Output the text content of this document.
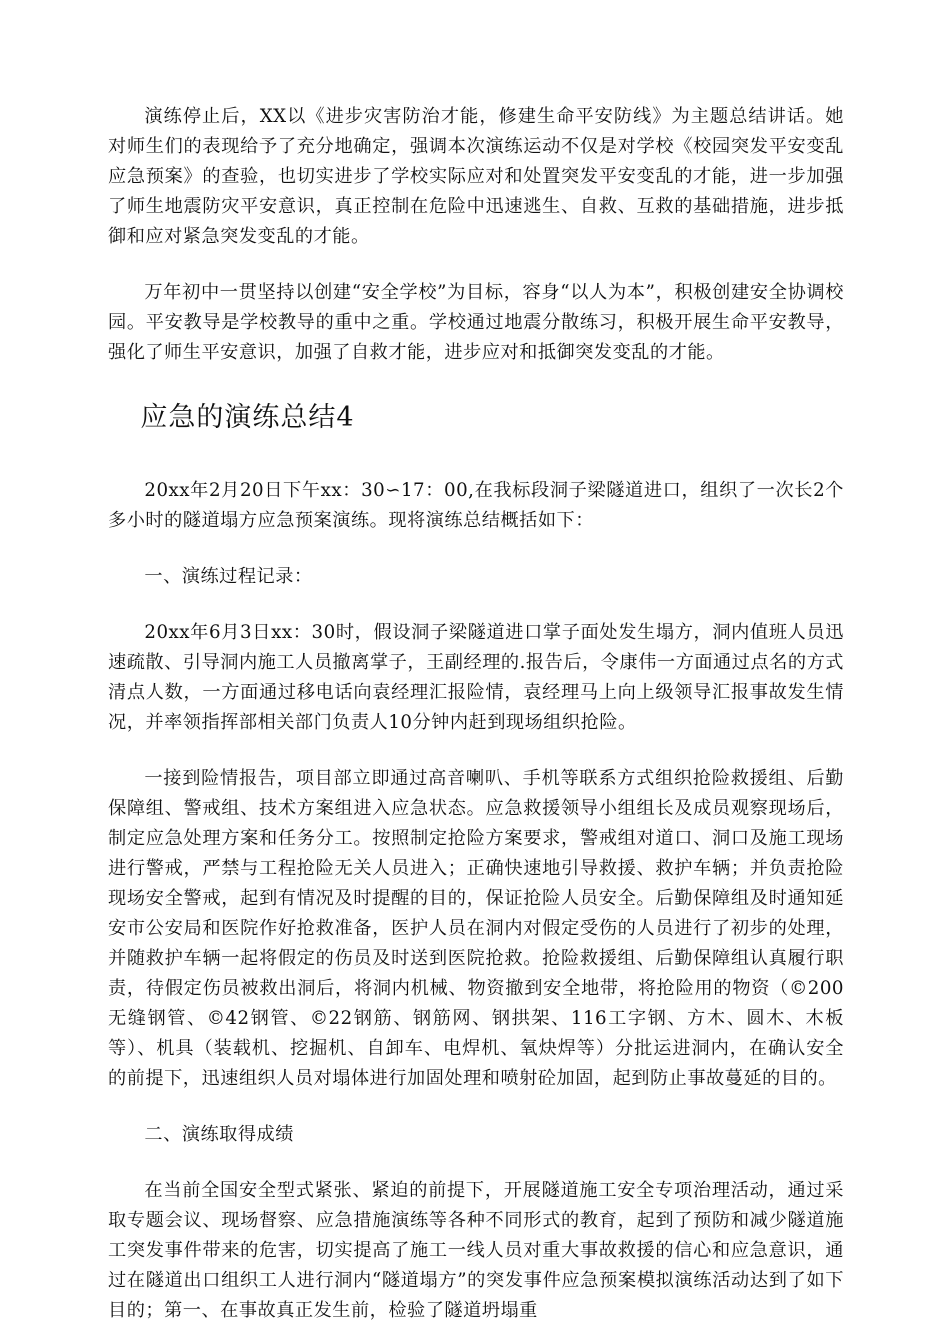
演练停止后，XX以《进步灾害防治才能，修建生命平安防线》为主题总结讲话。她对师生们的表现给予了充分地确定，强调本次演练运动不仅是对学校《校园突发平安变乱应急预案》的查验，也切实进步了学校实际应对和处置突发平安变乱的才能，进一步加强了师生地震防灾平安意识，真正控制在危险中迅速逃生、自救、互救的基础措施，进步抵御和应对紧急突发变乱的才能。

万年初中一贯坚持以创建“安全学校”为目标，容身“以人为本”，积极创建安全协调校园。平安教导是学校教导的重中之重。学校通过地震分散练习，积极开展生命平安教导，强化了师生平安意识，加强了自救才能，进步应对和抵御突发变乱的才能。

应急的演练总结4

20xx年2月20日下午xx：30∽17：00,在我标段洞子梁隧道进口，组织了一次长2个多小时的隧道塌方应急预案演练。现将演练总结概括如下：

一、演练过程记录：

20xx年6月3日xx：30时，假设洞子梁隧道进口掌子面处发生塌方，洞内值班人员迅速疏散、引导洞内施工人员撤离掌子，王副经理的.报告后，令康伟一方面通过点名的方式清点人数，一方面通过移电话向袁经理汇报险情，袁经理马上向上级领导汇报事故发生情况，并率领指挥部相关部门负责人10分钟内赶到现场组织抢险。

一接到险情报告，项目部立即通过高音喇叭、手机等联系方式组织抢险救援组、后勤保障组、警戒组、技术方案组进入应急状态。应急救援领导小组组长及成员观察现场后，制定应急处理方案和任务分工。按照制定抢险方案要求，警戒组对道口、洞口及施工现场进行警戒，严禁与工程抢险无关人员进入；正确快速地引导救援、救护车辆；并负责抢险现场安全警戒，起到有情况及时提醒的目的，保证抢险人员安全。后勤保障组及时通知延安市公安局和医院作好抢救准备，医护人员在洞内对假定受伤的人员进行了初步的处理，并随救护车辆一起将假定的伤员及时送到医院抢救。抢险救援组、后勤保障组认真履行职责，待假定伤员被救出洞后，将洞内机械、物资撤到安全地带，将抢险用的物资（©200无缝钢管、©42钢管、©22钢筋、钢筋网、钢拱架、116工字钢、方木、圆木、木板等）、机具（装载机、挖掘机、自卸车、电焊机、氧炔焊等）分批运进洞内，在确认安全的前提下，迅速组织人员对塌体进行加固处理和喷射砼加固，起到防止事故蔓延的目的。

二、演练取得成绩

在当前全国安全型式紧张、紧迫的前提下，开展隧道施工安全专项治理活动，通过采取专题会议、现场督察、应急措施演练等各种不同形式的教育，起到了预防和减少隧道施工突发事件带来的危害，切实提高了施工一线人员对重大事故救援的信心和应急意识，通过在隧道出口组织工人进行洞内“隧道塌方”的突发事件应急预案模拟演练活动达到了如下目的；第一、在事故真正发生前，检验了隧道坍塌重
